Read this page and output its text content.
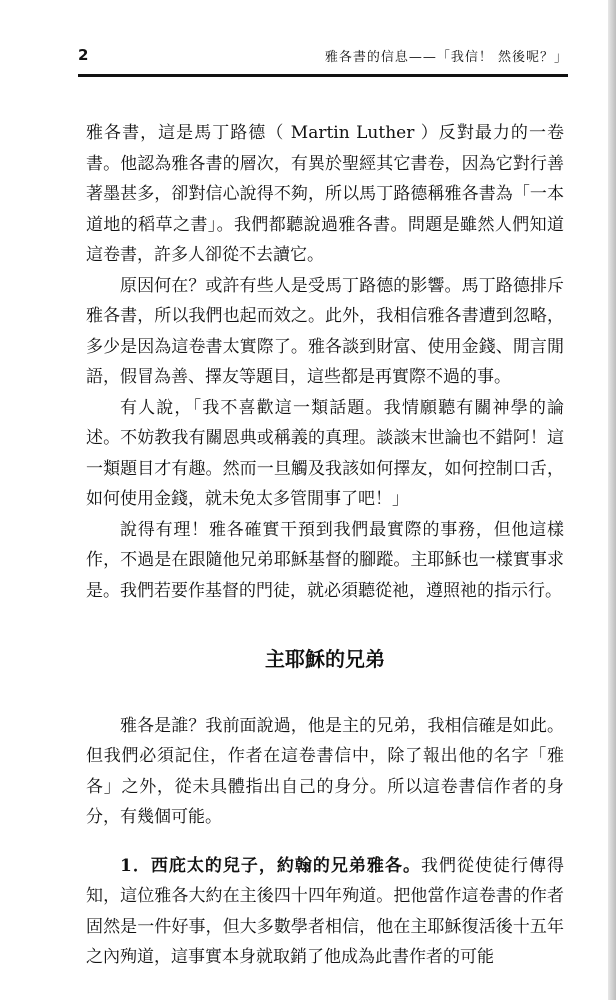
2	雅各書的信息——「我信！ 然後呢？」

雅各書，這是馬丁路德（ Martin Luther ）反對最力的一卷書。他認為雅各書的層次，有異於聖經其它書卷，因為它對行善著墨甚多，卻對信心說得不夠，所以馬丁路德稱雅各書為「一本道地的稻草之書」。我們都聽說過雅各書。問題是雖然人們知道這卷書，許多人卻從不去讀它。

原因何在？或許有些人是受馬丁路德的影響。馬丁路德排斥雅各書，所以我們也起而效之。此外，我相信雅各書遭到忽略，多少是因為這卷書太實際了。雅各談到財富、使用金錢、閒言閒語，假冒為善、擇友等題目，這些都是再實際不過的事。

有人說，「我不喜歡這一類話題。我情願聽有關神學的論述。不妨教我有關恩典或稱義的真理。談談末世論也不錯阿！這一類題目才有趣。然而一旦觸及我該如何擇友，如何控制口舌，如何使用金錢，就未免太多管閒事了吧！」

說得有理！雅各確實干預到我們最實際的事務，但他這樣作，不過是在跟隨他兄弟耶穌基督的腳蹤。主耶穌也一樣實事求是。我們若要作基督的門徒，就必須聽從祂，遵照祂的指示行。

主耶穌的兄弟

雅各是誰？我前面說過，他是主的兄弟，我相信確是如此。但我們必須記住，作者在這卷書信中，除了報出他的名字「雅各」之外，從未具體指出自己的身分。所以這卷書信作者的身分，有幾個可能。

1．西庇太的兒子，約翰的兄弟雅各。我們從使徒行傳得知，這位雅各大約在主後四十四年殉道。把他當作這卷書的作者固然是一件好事，但大多數學者相信，他在主耶穌復活後十五年之內殉道，這事實本身就取銷了他成為此書作者的可能
